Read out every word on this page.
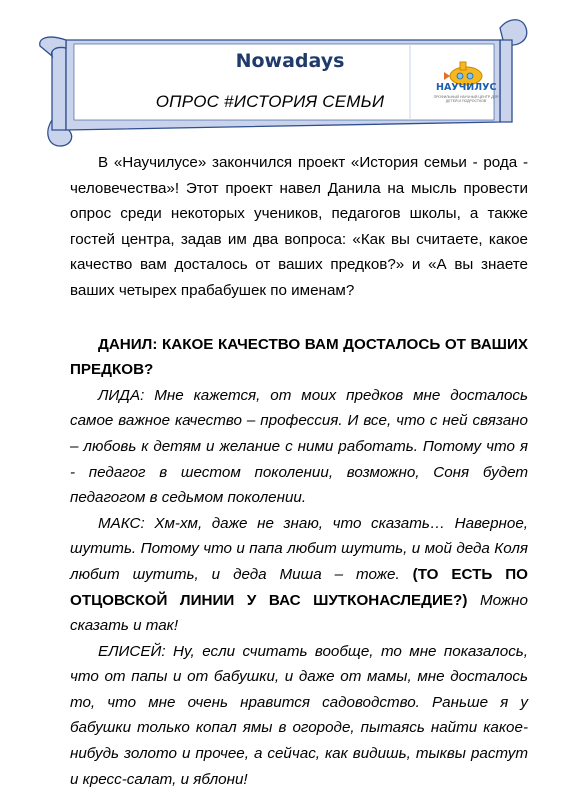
Nowadays
ОПРОС #ИСТОРИЯ СЕМЬИ
НАУЧИЛУС
ПРОФИЛЬНЫЙ НАУЧНЫЙ ЦЕНТР ДЛЯ ДЕТЕЙ И ПОДРОСТКОВ

В «Научилусе» закончился проект «История семьи - рода - человечества»! Этот проект навел Данила на мысль провести опрос среди некоторых учеников, педагогов школы, а также гостей центра, задав им два вопроса: «Как вы считаете, какое качество вам досталось от ваших предков?» и «А вы знаете ваших четырех прабабушек по именам?

ДАНИЛ: КАКОЕ КАЧЕСТВО ВАМ ДОСТАЛОСЬ ОТ ВАШИХ ПРЕДКОВ?

ЛИДА: Мне кажется, от моих предков мне досталось самое важное качество – профессия. И все, что с ней связано – любовь к детям и желание с ними работать. Потому что я - педагог в шестом поколении, возможно, Соня будет педагогом в седьмом поколении.

МАКС: Хм-хм, даже не знаю, что сказать… Наверное, шутить. Потому что и папа любит шутить, и мой деда Коля любит шутить, и деда Миша – тоже. (ТО ЕСТЬ ПО ОТЦОВСКОЙ ЛИНИИ У ВАС ШУТКОНАСЛЕДИЕ?) Можно сказать и так!

ЕЛИСЕЙ: Ну, если считать вообще, то мне показалось, что от папы и от бабушки, и даже от мамы, мне досталось то, что мне очень нравится садоводство. Раньше я у бабушки только копал ямы в огороде, пытаясь найти какое-нибудь золото и прочее, а сейчас, как видишь, тыквы растут и кресс-салат, и яблони!
